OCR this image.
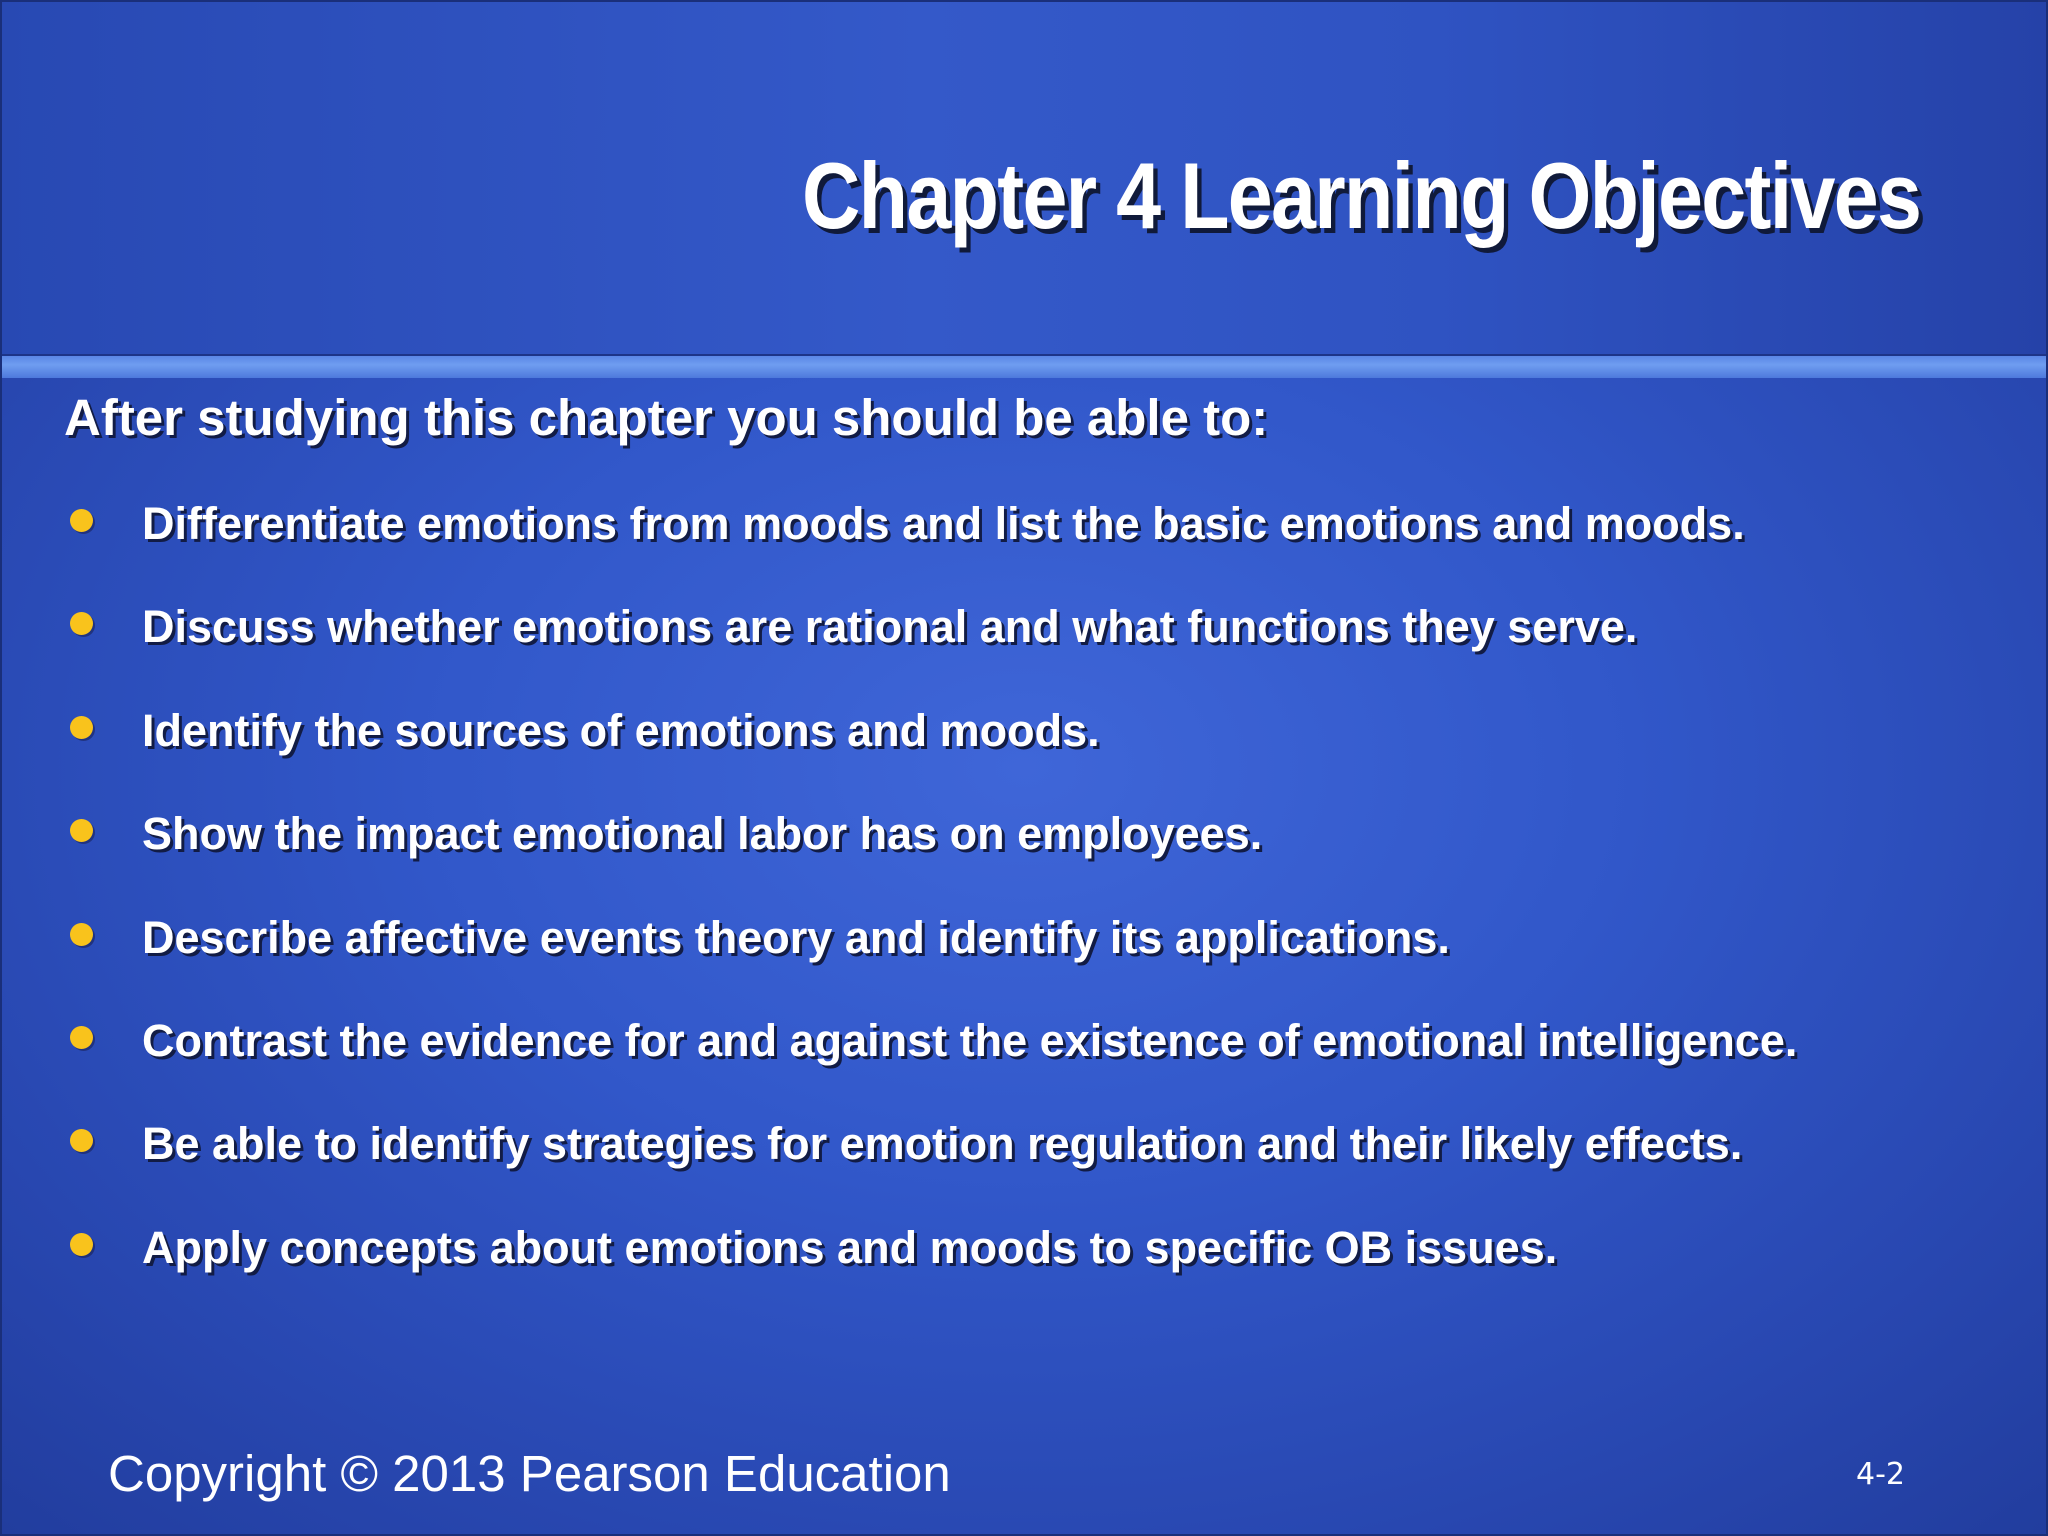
Chapter 4 Learning Objectives

After studying this chapter you should be able to:

Differentiate emotions from moods and list the basic emotions and moods.
Discuss whether emotions are rational and what functions they serve.
Identify the sources of emotions and moods.
Show the impact emotional labor has on employees.
Describe affective events theory and identify its applications.
Contrast the evidence for and against the existence of emotional intelligence.
Be able to identify strategies for emotion regulation and their likely effects.
Apply concepts about emotions and moods to specific OB issues.
Copyright © 2013 Pearson Education	4-2
